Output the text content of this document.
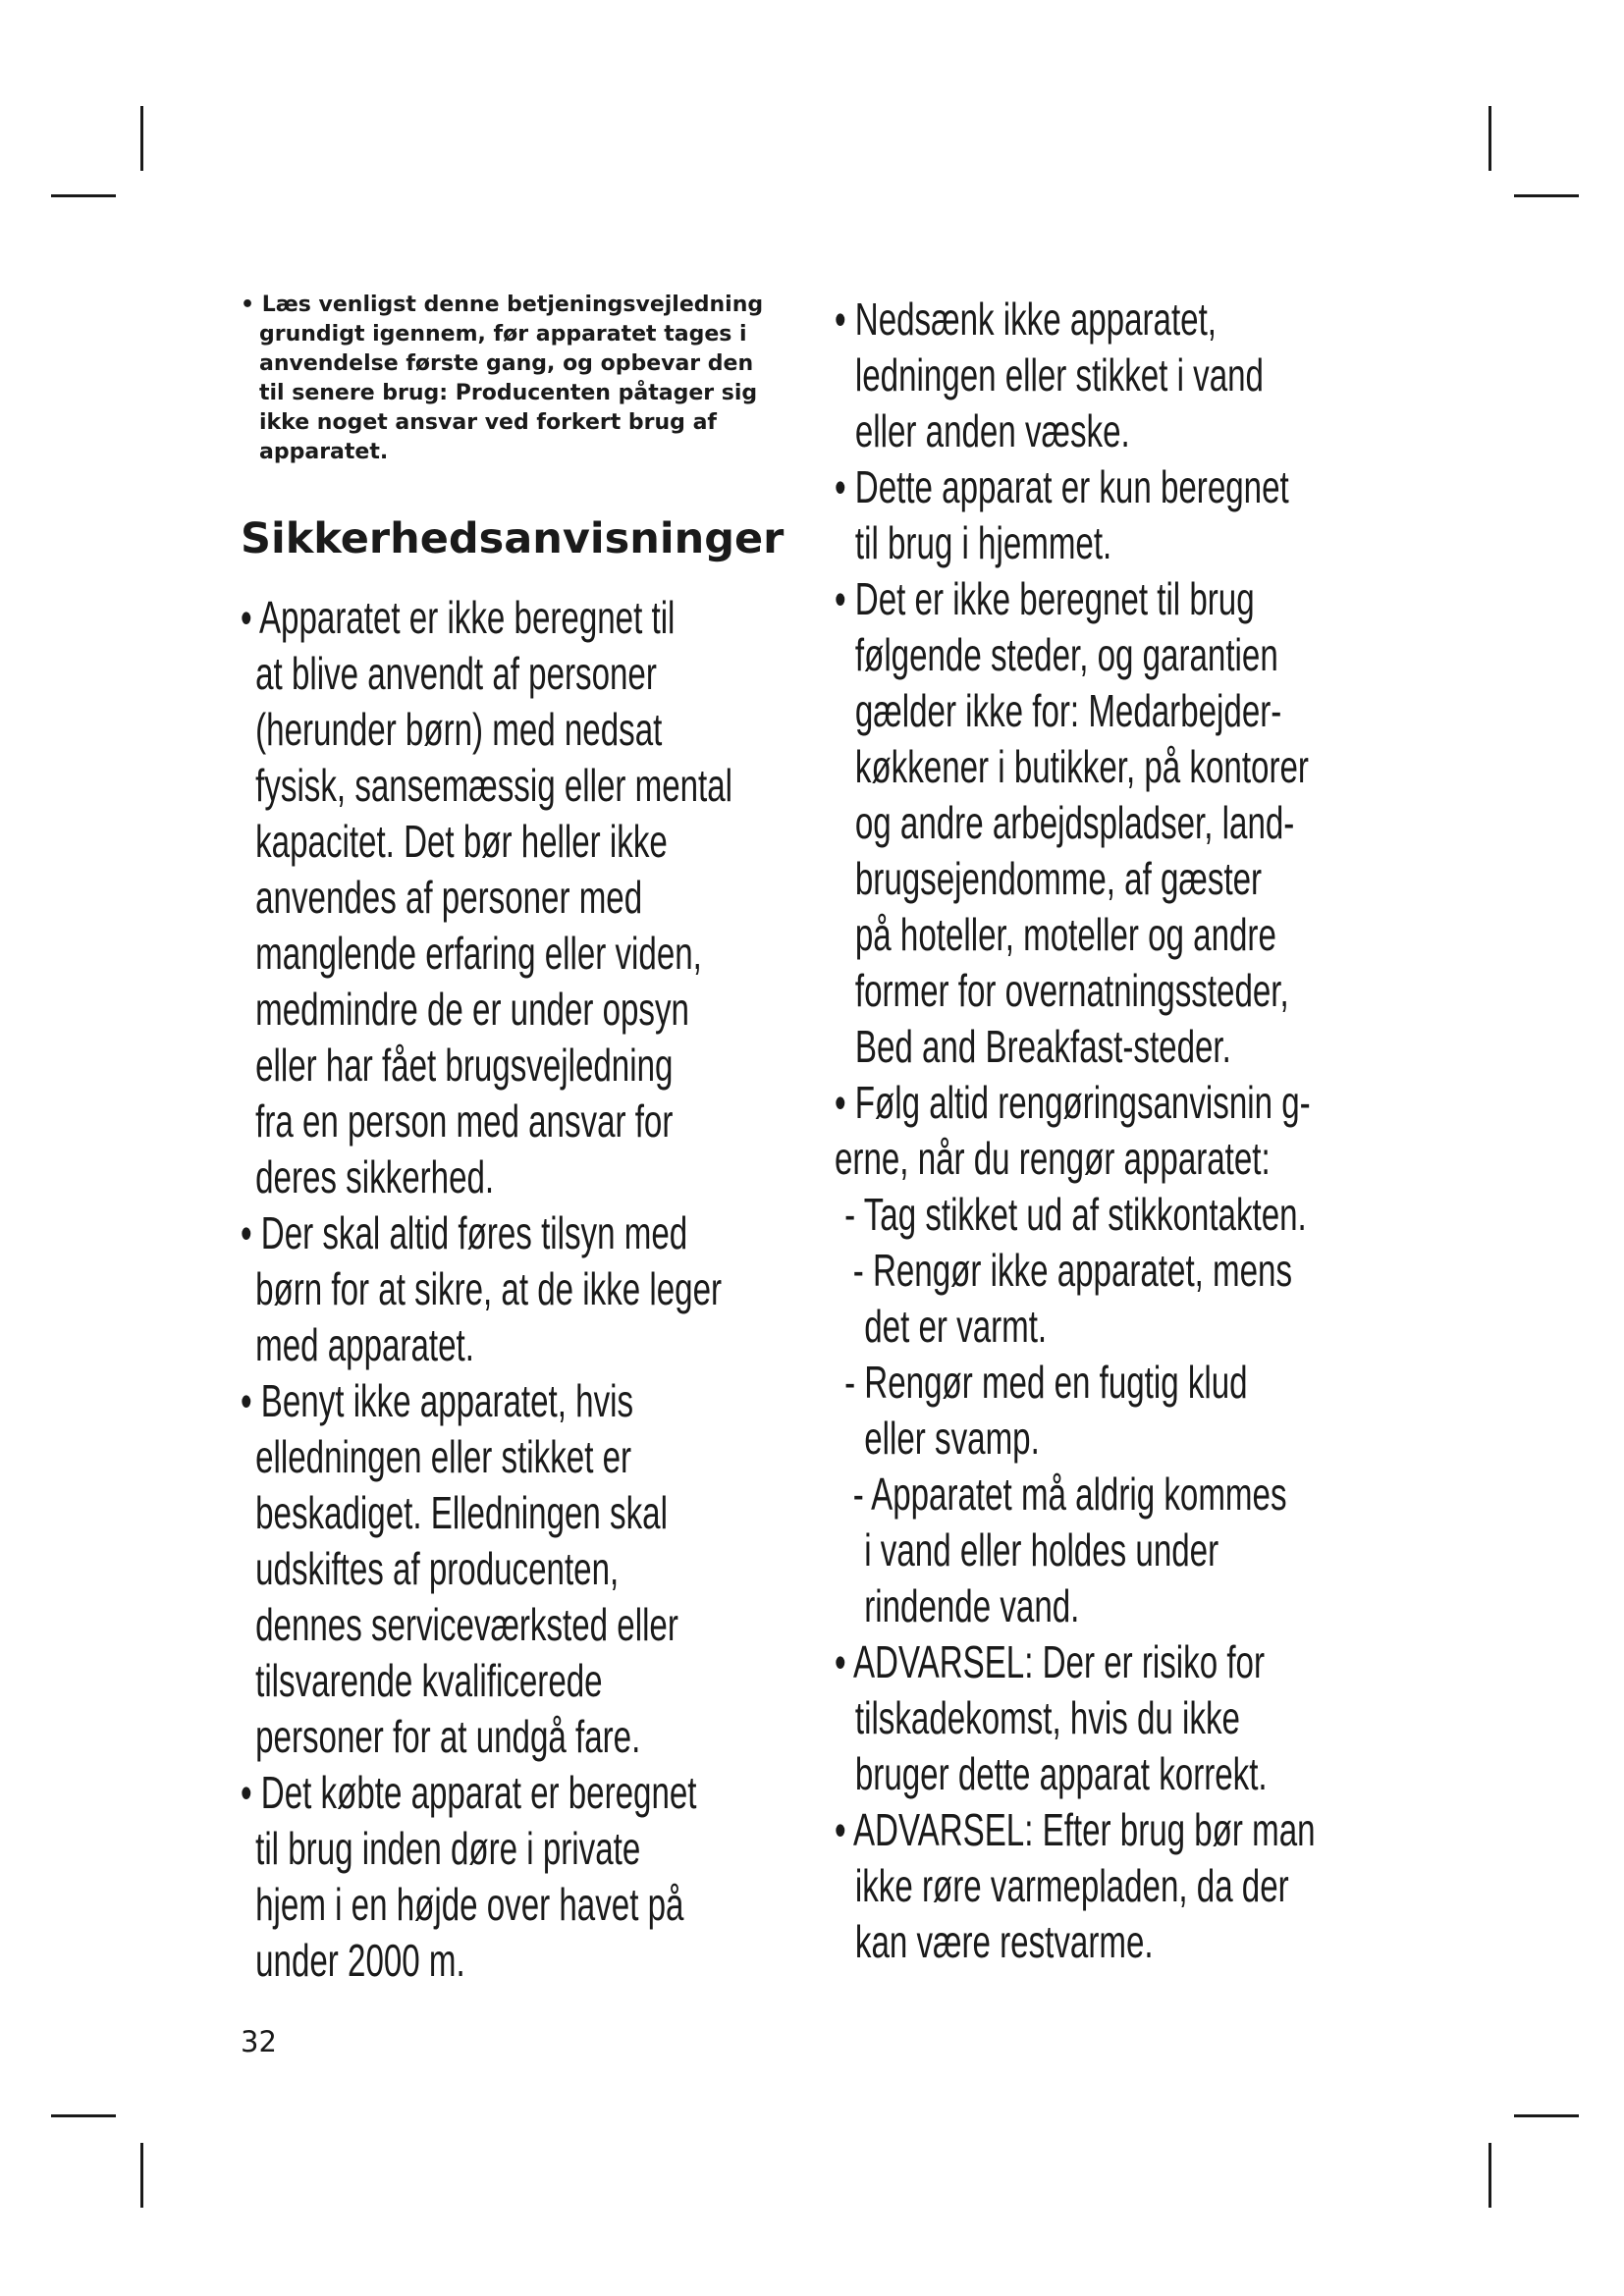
• Læs venligst denne betjeningsvejledning
grundigt igennem, før apparatet tages i
anvendelse første gang, og opbevar den
til senere brug: Producenten påtager sig
ikke noget ansvar ved forkert brug af
apparatet.
Sikkerhedsanvisninger
• Apparatet er ikke beregnet til
at blive anvendt af personer
(herunder børn) med nedsat
fysisk, sansemæssig eller mental
kapacitet. Det bør heller ikke
anvendes af personer med
manglende erfaring eller viden,
medmindre de er under opsyn
eller har fået brugsvejledning
fra en person med ansvar for
deres sikkerhed.
• Der skal altid føres tilsyn med
børn for at sikre, at de ikke leger
med apparatet.
• Benyt ikke apparatet, hvis
elledningen eller stikket er
beskadiget. Elledningen skal
udskiftes af producenten,
dennes serviceværksted eller
tilsvarende kvalificerede
personer for at undgå fare.
• Det købte apparat er beregnet
til brug inden døre i private
hjem i en højde over havet på
under 2000 m.
• Nedsænk ikke apparatet,
ledningen eller stikket i vand
eller anden væske.
• Dette apparat er kun beregnet
til brug i hjemmet.
• Det er ikke beregnet til brug
følgende steder, og garantien
gælder ikke for: Medarbejder-
køkkener i butikker, på kontorer
og andre arbejdspladser, land-
brugsejendomme, af gæster
på hoteller, moteller og andre
former for overnatningssteder,
Bed and Breakfast-steder.
• Følg altid rengøringsanvisnin g-
erne, når du rengør apparatet:
- Tag stikket ud af stikkontakten.
- Rengør ikke apparatet, mens
det er varmt.
- Rengør med en fugtig klud
eller svamp.
- Apparatet må aldrig kommes
i vand eller holdes under
rindende vand.
• ADVARSEL: Der er risiko for
tilskadekomst, hvis du ikke
bruger dette apparat korrekt.
• ADVARSEL: Efter brug bør man
ikke røre varmepladen, da der
kan være restvarme.
32
